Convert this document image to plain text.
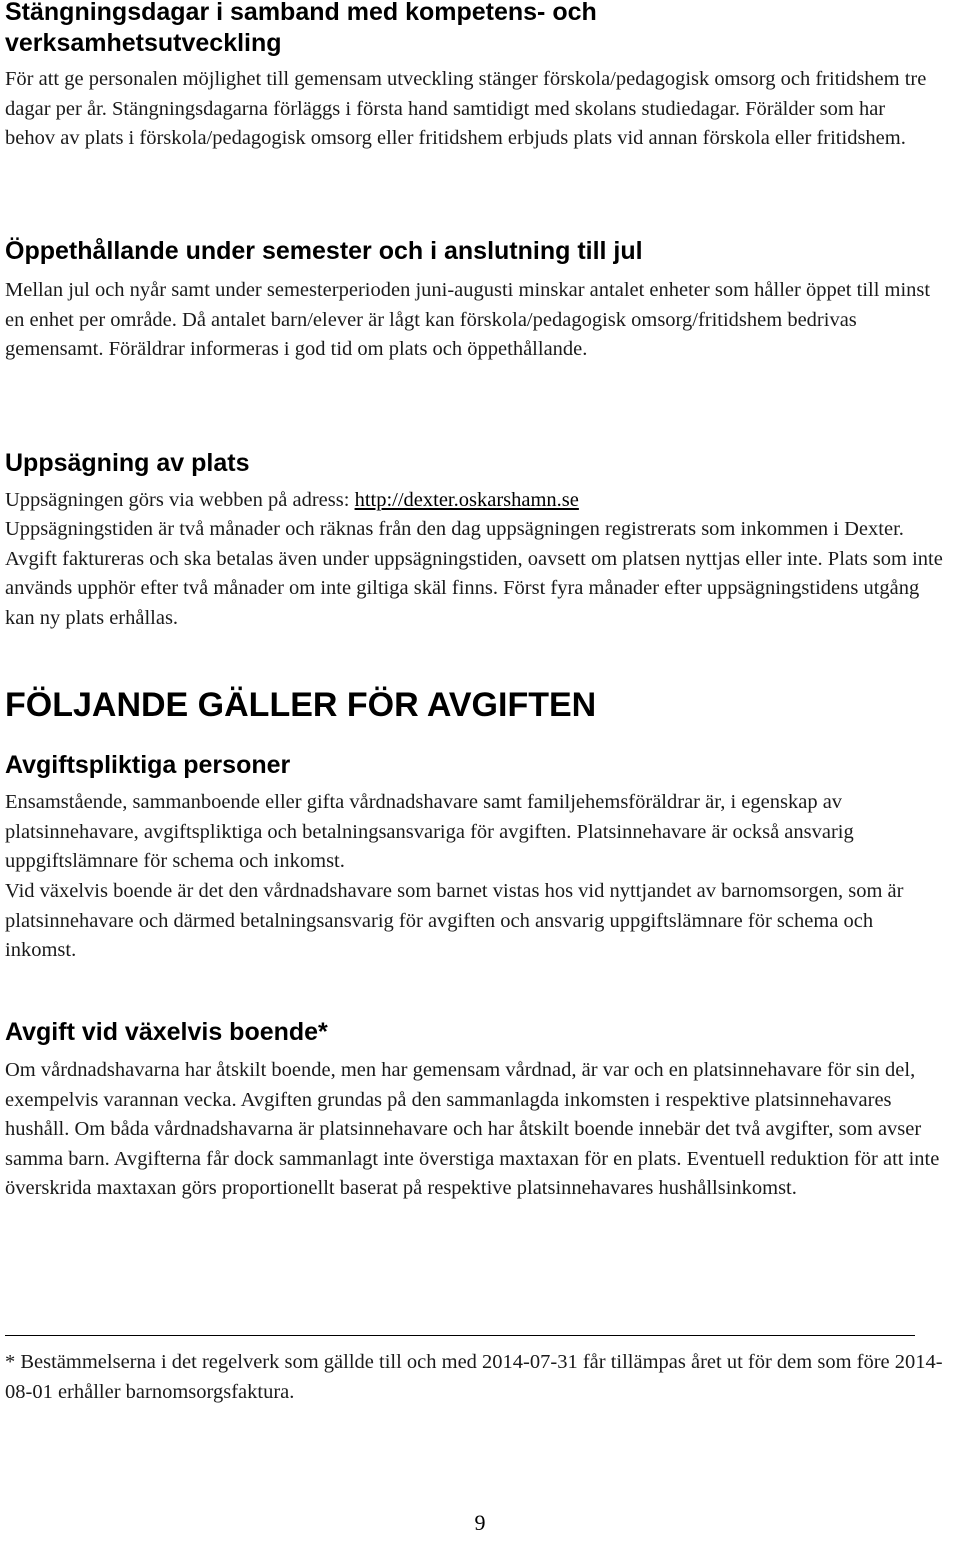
Stängningsdagar i samband med kompetens- och
verksamhetsutveckling

För att ge personalen möjlighet till gemensam utveckling stänger förskola/pedagogisk omsorg och fritidshem tre dagar per år. Stängningsdagarna förläggs i första hand samtidigt med skolans studiedagar. Förälder som har behov av plats i förskola/pedagogisk omsorg eller fritidshem erbjuds plats vid annan förskola eller fritidshem.

Öppethållande under semester och i anslutning till jul

Mellan jul och nyår samt under semesterperioden juni-augusti minskar antalet enheter som håller öppet till minst en enhet per område. Då antalet barn/elever är lågt kan förskola/pedagogisk omsorg/fritidshem bedrivas gemensamt. Föräldrar informeras i god tid om plats och öppethållande.

Uppsägning av plats

Uppsägningen görs via webben på adress: http://dexter.oskarshamn.se

Uppsägningstiden är två månader och räknas från den dag uppsägningen registrerats som inkommen i Dexter. Avgift faktureras och ska betalas även under uppsägningstiden, oavsett om platsen nyttjas eller inte. Plats som inte används upphör efter två månader om inte giltiga skäl finns. Först fyra månader efter uppsägningstidens utgång kan ny plats erhållas.

FÖLJANDE GÄLLER FÖR AVGIFTEN
Avgiftspliktiga personer

Ensamstående, sammanboende eller gifta vårdnadshavare samt familjehemsföräldrar är, i egenskap av platsinnehavare, avgiftspliktiga och betalningsansvariga för avgiften. Platsinnehavare är också ansvarig uppgiftslämnare för schema och inkomst.

Vid växelvis boende är det den vårdnadshavare som barnet vistas hos vid nyttjandet av barnomsorgen, som är platsinnehavare och därmed betalningsansvarig för avgiften och ansvarig uppgiftslämnare för schema och inkomst.

Avgift vid växelvis boende*

Om vårdnadshavarna har åtskilt boende, men har gemensam vårdnad, är var och en platsinnehavare för sin del, exempelvis varannan vecka. Avgiften grundas på den sammanlagda inkomsten i respektive platsinnehavares hushåll. Om båda vårdnadshavarna är platsinnehavare och har åtskilt boende innebär det två avgifter, som avser samma barn. Avgifterna får dock sammanlagt inte överstiga maxtaxan för en plats. Eventuell reduktion för att inte överskrida maxtaxan görs proportionellt baserat på respektive platsinnehavares hushållsinkomst.

* Bestämmelserna i det regelverk som gällde till och med 2014-07-31 får tillämpas året ut för dem som före 2014-08-01 erhåller barnomsorgsfaktura.

9
